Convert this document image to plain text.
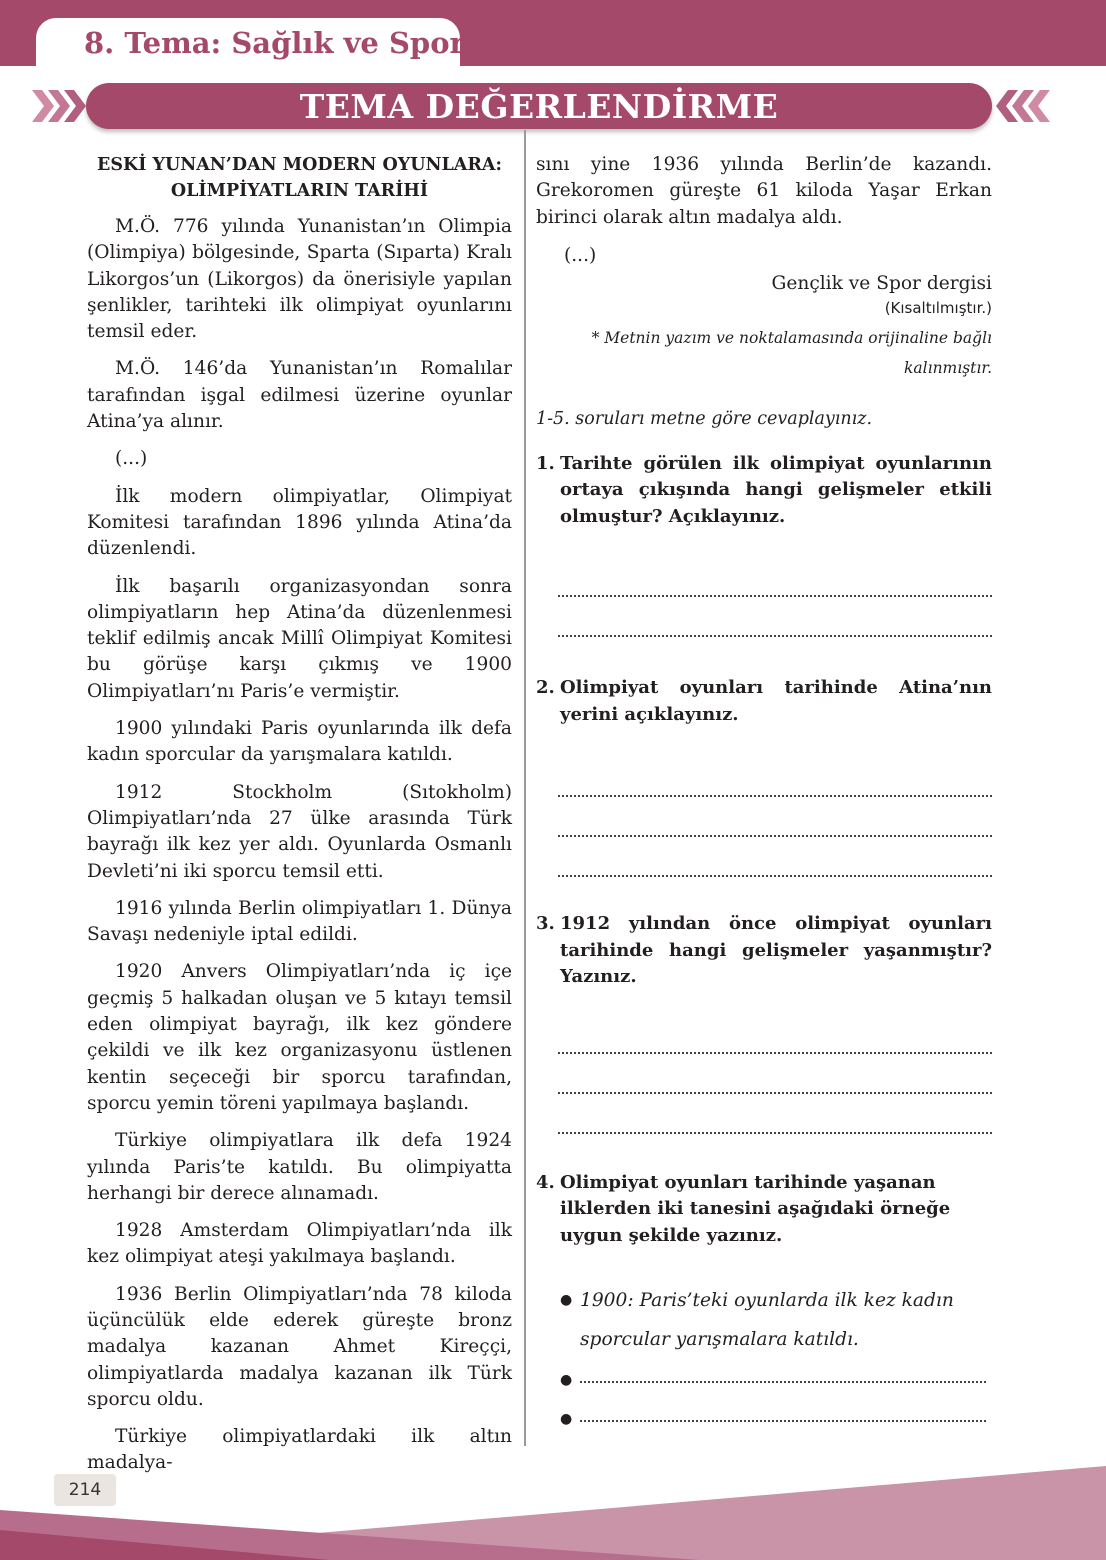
8. Tema: Sağlık ve Spor
TEMA DEĞERLENDİRME
ESKİ YUNAN’DAN MODERN OYUNLARA: OLİMPİYATLARIN TARİHİ

M.Ö. 776 yılında Yunanistan’ın Olimpia (Olimpiya) bölgesinde, Sparta (Sıparta) Kralı Likorgos’un (Likorgos) da önerisiyle yapılan şenlikler, tarihteki ilk olimpiyat oyunlarını temsil eder.

M.Ö. 146’da Yunanistan’ın Romalılar tarafından işgal edilmesi üzerine oyunlar Atina’ya alınır.

(...)

İlk modern olimpiyatlar, Olimpiyat Komitesi tarafından 1896 yılında Atina’da düzenlendi.

İlk başarılı organizasyondan sonra olimpiyatların hep Atina’da düzenlenmesi teklif edilmiş ancak Millî Olimpiyat Komitesi bu görüşe karşı çıkmış ve 1900 Olimpiyatları’nı Paris’e vermiştir.

1900 yılındaki Paris oyunlarında ilk defa kadın sporcular da yarışmalara katıldı.

1912 Stockholm (Sıtokholm) Olimpiyatları’nda 27 ülke arasında Türk bayrağı ilk kez yer aldı. Oyunlarda Osmanlı Devleti’ni iki sporcu temsil etti.

1916 yılında Berlin olimpiyatları 1. Dünya Savaşı nedeniyle iptal edildi.

1920 Anvers Olimpiyatları’nda iç içe geçmiş 5 halkadan oluşan ve 5 kıtayı temsil eden olimpiyat bayrağı, ilk kez göndere çekildi ve ilk kez organizasyonu üstlenen kentin seçeceği bir sporcu tarafından, sporcu yemin töreni yapılmaya başlandı.

Türkiye olimpiyatlara ilk defa 1924 yılında Paris’te katıldı. Bu olimpiyatta herhangi bir derece alınamadı.

1928 Amsterdam Olimpiyatları’nda ilk kez olimpiyat ateşi yakılmaya başlandı.

1936 Berlin Olimpiyatları’nda 78 kiloda üçüncülük elde ederek güreşte bronz madalya kazanan Ahmet Kireççi, olimpiyatlarda madalya kazanan ilk Türk sporcu oldu.

Türkiye olimpiyatlardaki ilk altın madalya-

sını yine 1936 yılında Berlin’de kazandı. Grekoromen güreşte 61 kiloda Yaşar Erkan birinci olarak altın madalya aldı.

(...)
Gençlik ve Spor dergisi
(Kısaltılmıştır.)
* Metnin yazım ve noktalamasında orijinaline bağlı kalınmıştır.
1-5. soruları metne göre cevaplayınız.
1. Tarihte görülen ilk olimpiyat oyunlarının ortaya çıkışında hangi gelişmeler etkili olmuştur? Açıklayınız.
2. Olimpiyat oyunları tarihinde Atina’nın yerini açıklayınız.
3. 1912 yılından önce olimpiyat oyunları tarihinde hangi gelişmeler yaşanmıştır? Yazınız.
4. Olimpiyat oyunları tarihinde yaşanan ilklerden iki tanesini aşağıdaki örneğe uygun şekilde yazınız.
● 1900: Paris’teki oyunlarda ilk kez kadın sporcular yarışmalara katıldı.
●
●
214
